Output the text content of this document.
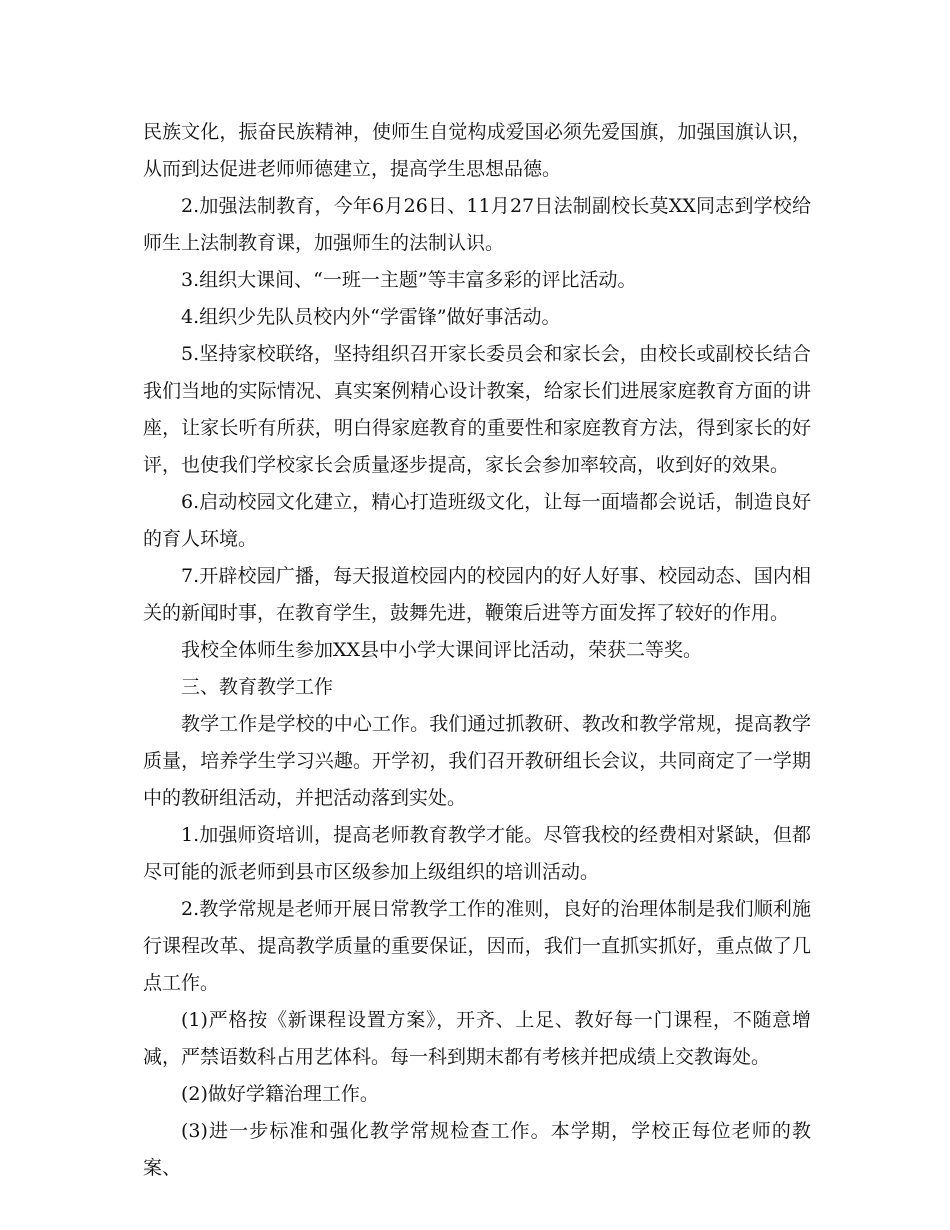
民族文化，振奋民族精神，使师生自觉构成爱国必须先爱国旗，加强国旗认识，从而到达促进老师师德建立，提高学生思想品德。

2.加强法制教育，今年6月26日、11月27日法制副校长莫XX同志到学校给师生上法制教育课，加强师生的法制认识。

3.组织大课间、“一班一主题”等丰富多彩的评比活动。

4.组织少先队员校内外“学雷锋”做好事活动。

5.坚持家校联络，坚持组织召开家长委员会和家长会，由校长或副校长结合我们当地的实际情况、真实案例精心设计教案，给家长们进展家庭教育方面的讲座，让家长听有所获，明白得家庭教育的重要性和家庭教育方法，得到家长的好评，也使我们学校家长会质量逐步提高，家长会参加率较高，收到好的效果。

6.启动校园文化建立，精心打造班级文化，让每一面墙都会说话，制造良好的育人环境。

7.开辟校园广播，每天报道校园内的校园内的好人好事、校园动态、国内相关的新闻时事，在教育学生，鼓舞先进，鞭策后进等方面发挥了较好的作用。

我校全体师生参加XX县中小学大课间评比活动，荣获二等奖。

三、教育教学工作

教学工作是学校的中心工作。我们通过抓教研、教改和教学常规，提高教学质量，培养学生学习兴趣。开学初，我们召开教研组长会议，共同商定了一学期中的教研组活动，并把活动落到实处。

1.加强师资培训，提高老师教育教学才能。尽管我校的经费相对紧缺，但都尽可能的派老师到县市区级参加上级组织的培训活动。

2.教学常规是老师开展日常教学工作的准则，良好的治理体制是我们顺利施行课程改革、提高教学质量的重要保证，因而，我们一直抓实抓好，重点做了几点工作。

(1)严格按《新课程设置方案》，开齐、上足、教好每一门课程，不随意增减，严禁语数科占用艺体科。每一科到期末都有考核并把成绩上交教诲处。

(2)做好学籍治理工作。

(3)进一步标准和强化教学常规检查工作。本学期，学校正每位老师的教案、
